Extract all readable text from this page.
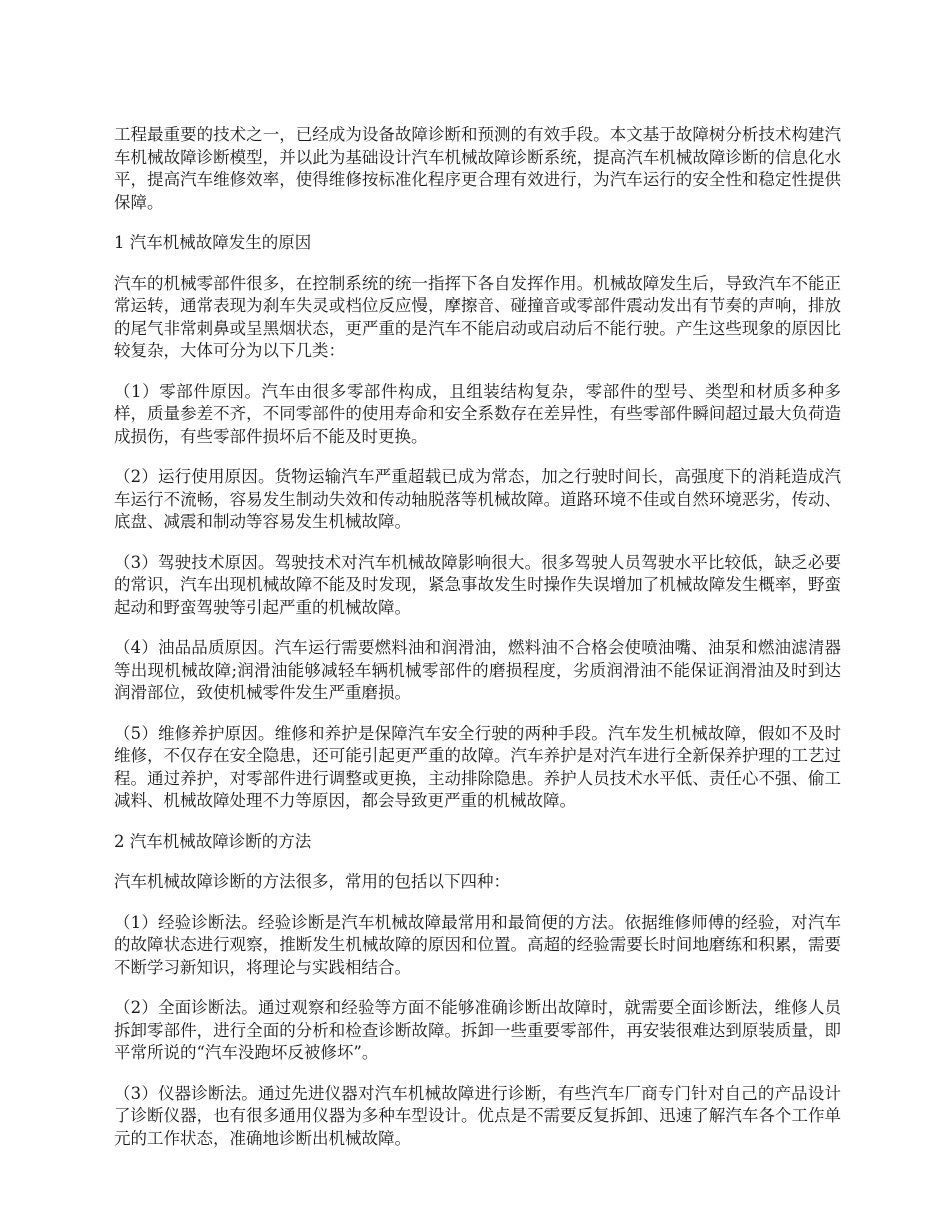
工程最重要的技术之一，已经成为设备故障诊断和预测的有效手段。本文基于故障树分析技术构建汽车机械故障诊断模型，并以此为基础设计汽车机械故障诊断系统，提高汽车机械故障诊断的信息化水平，提高汽车维修效率，使得维修按标准化程序更合理有效进行，为汽车运行的安全性和稳定性提供保障。

1 汽车机械故障发生的原因

汽车的机械零部件很多，在控制系统的统一指挥下各自发挥作用。机械故障发生后，导致汽车不能正常运转，通常表现为刹车失灵或档位反应慢，摩擦音、碰撞音或零部件震动发出有节奏的声响，排放的尾气非常刺鼻或呈黑烟状态，更严重的是汽车不能启动或启动后不能行驶。产生这些现象的原因比较复杂，大体可分为以下几类：

（1）零部件原因。汽车由很多零部件构成，且组装结构复杂，零部件的型号、类型和材质多种多样，质量参差不齐，不同零部件的使用寿命和安全系数存在差异性，有些零部件瞬间超过最大负荷造成损伤，有些零部件损坏后不能及时更换。

（2）运行使用原因。货物运输汽车严重超载已成为常态，加之行驶时间长，高强度下的消耗造成汽车运行不流畅，容易发生制动失效和传动轴脱落等机械故障。道路环境不佳或自然环境恶劣，传动、底盘、减震和制动等容易发生机械故障。

（3）驾驶技术原因。驾驶技术对汽车机械故障影响很大。很多驾驶人员驾驶水平比较低，缺乏必要的常识，汽车出现机械故障不能及时发现，紧急事故发生时操作失误增加了机械故障发生概率，野蛮起动和野蛮驾驶等引起严重的机械故障。

（4）油品品质原因。汽车运行需要燃料油和润滑油，燃料油不合格会使喷油嘴、油泵和燃油滤清器等出现机械故障;润滑油能够减轻车辆机械零部件的磨损程度，劣质润滑油不能保证润滑油及时到达润滑部位，致使机械零件发生严重磨损。

（5）维修养护原因。维修和养护是保障汽车安全行驶的两种手段。汽车发生机械故障，假如不及时维修，不仅存在安全隐患，还可能引起更严重的故障。汽车养护是对汽车进行全新保养护理的工艺过程。通过养护，对零部件进行调整或更换，主动排除隐患。养护人员技术水平低、责任心不强、偷工减料、机械故障处理不力等原因，都会导致更严重的机械故障。

2 汽车机械故障诊断的方法

汽车机械故障诊断的方法很多，常用的包括以下四种：

（1）经验诊断法。经验诊断是汽车机械故障最常用和最简便的方法。依据维修师傅的经验，对汽车的故障状态进行观察，推断发生机械故障的原因和位置。高超的经验需要长时间地磨练和积累，需要不断学习新知识，将理论与实践相结合。

（2）全面诊断法。通过观察和经验等方面不能够准确诊断出故障时，就需要全面诊断法，维修人员拆卸零部件，进行全面的分析和检查诊断故障。拆卸一些重要零部件，再安装很难达到原装质量，即平常所说的“汽车没跑坏反被修坏”。

（3）仪器诊断法。通过先进仪器对汽车机械故障进行诊断，有些汽车厂商专门针对自己的产品设计了诊断仪器，也有很多通用仪器为多种车型设计。优点是不需要反复拆卸、迅速了解汽车各个工作单元的工作状态，准确地诊断出机械故障。
